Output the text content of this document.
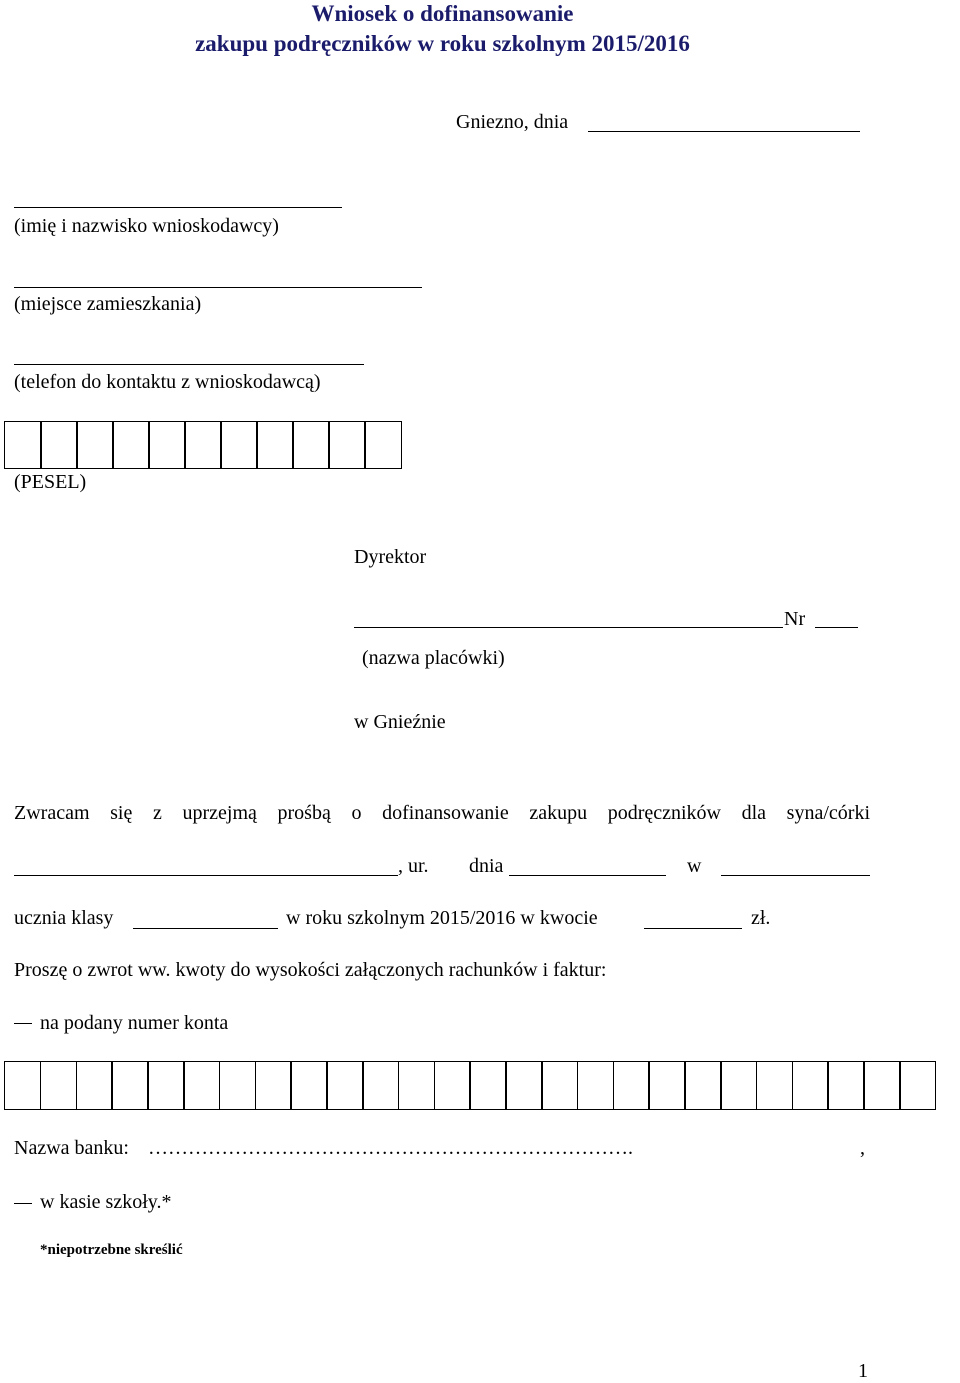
Wniosek o dofinansowanie
zakupu podręczników w roku szkolnym 2015/2016
Gniezno, dnia
(imię i nazwisko wnioskodawcy)
(miejsce zamieszkania)
(telefon do kontaktu z wnioskodawcą)
(PESEL)
Dyrektor
Nr
(nazwa placówki)
w Gnieźnie
Zwracam się z uprzejmą prośbą o dofinansowanie zakupu podręczników dla syna/córki
, ur. dnia	w
ucznia klasy	w roku szkolnym 2015/2016 w kwocie	zł.
Proszę o zwrot ww. kwoty do wysokości załączonych rachunków i faktur:
na podany numer konta
Nazwa banku: ……………………………………………………………….	,
w kasie szkoły.*
*niepotrzebne skreślić
1
